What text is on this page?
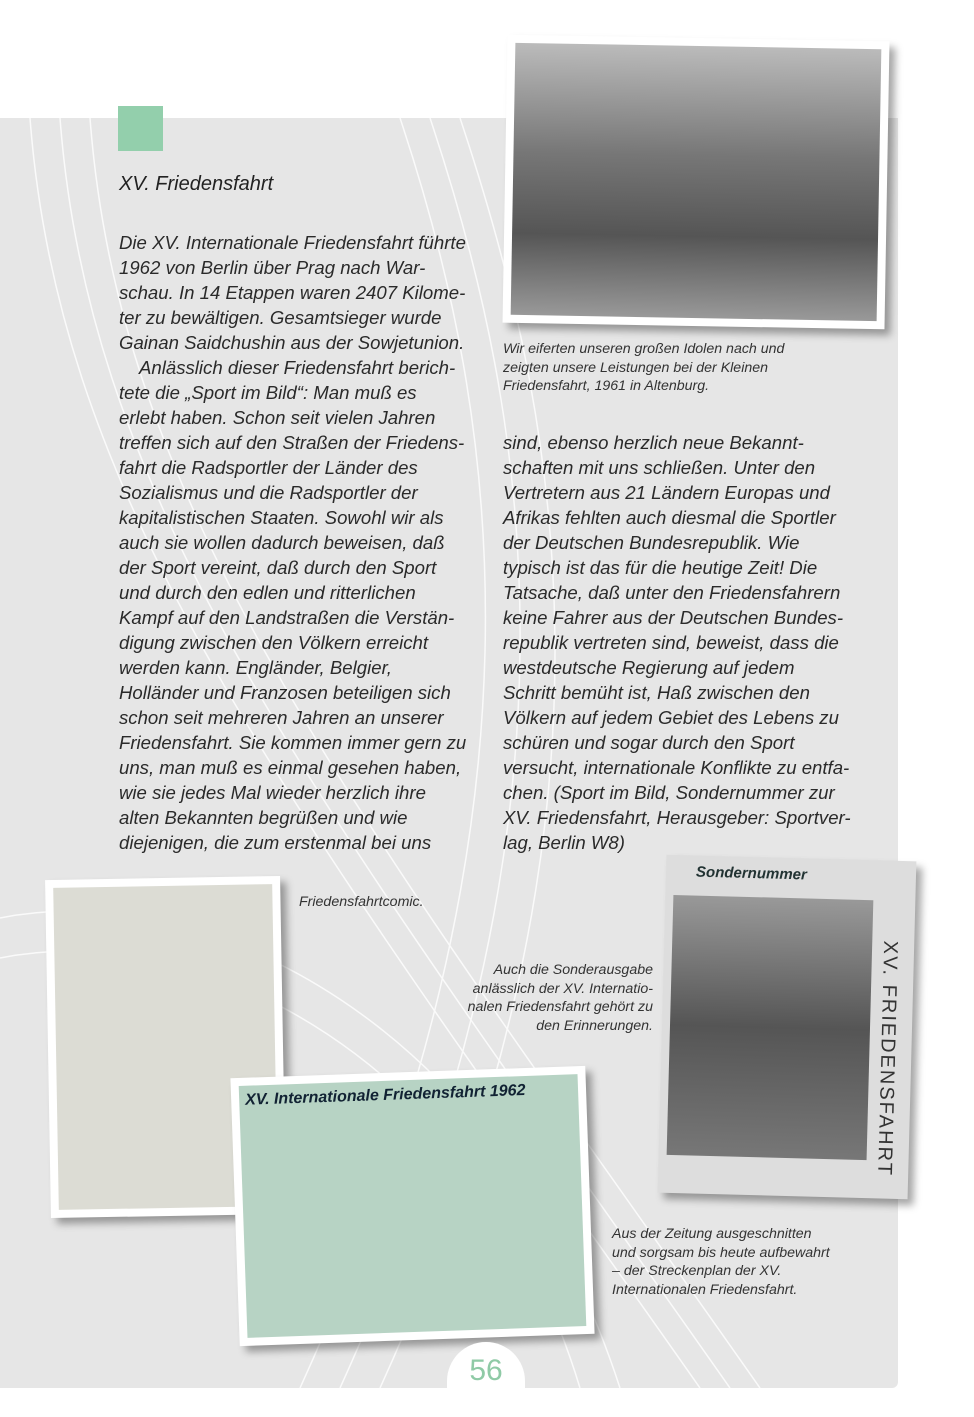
XV. Friedensfahrt
Die XV. Internationale Friedensfahrt führte
1962 von Berlin über Prag nach War-
schau. In 14 Etappen waren 2407 Kilome-
ter zu bewältigen. Gesamtsieger wurde
Gainan Saidchushin aus der Sowjetunion.
Anlässlich dieser Friedensfahrt berich-
tete die „Sport im Bild“: Man muß es
erlebt haben. Schon seit vielen Jahren
treffen sich auf den Straßen der Friedens-
fahrt die Radsportler der Länder des
Sozialismus und die Radsportler der
kapitalistischen Staaten. Sowohl wir als
auch sie wollen dadurch beweisen, daß
der Sport vereint, daß durch den Sport
und durch den edlen und ritterlichen
Kampf auf den Landstraßen die Verstän-
digung zwischen den Völkern erreicht
werden kann. Engländer, Belgier,
Holländer und Franzosen beteiligen sich
schon seit mehreren Jahren an unserer
Friedensfahrt. Sie kommen immer gern zu
uns, man muß es einmal gesehen haben,
wie sie jedes Mal wieder herzlich ihre
alten Bekannten begrüßen und wie
diejenigen, die zum erstenmal bei uns
sind, ebenso herzlich neue Bekannt-
schaften mit uns schließen. Unter den
Vertretern aus 21 Ländern Europas und
Afrikas fehlten auch diesmal die Sportler
der Deutschen Bundesrepublik. Wie
typisch ist das für die heutige Zeit! Die
Tatsache, daß unter den Friedensfahrern
keine Fahrer aus der Deutschen Bundes-
republik vertreten sind, beweist, dass die
westdeutsche Regierung auf jedem
Schritt bemüht ist, Haß zwischen den
Völkern auf jedem Gebiet des Lebens zu
schüren und sogar durch den Sport
versucht, internationale Konflikte zu entfa-
chen. (Sport im Bild, Sondernummer zur
XV. Friedensfahrt, Herausgeber: Sportver-
lag, Berlin W8)
Wir eiferten unseren großen Idolen nach und
zeigten unsere Leistungen bei der Kleinen
Friedensfahrt, 1961 in Altenburg.
Friedensfahrtcomic.
Auch die Sonderausgabe
anlässlich der XV. Internatio-
nalen Friedensfahrt gehört zu
den Erinnerungen.
XV. Internationale Friedensfahrt 1962
Sondernummer
XV. FRIEDENSFAHRT
Aus der Zeitung ausgeschnitten
und sorgsam bis heute aufbewahrt
– der Streckenplan der XV.
Internationalen Friedensfahrt.
56
